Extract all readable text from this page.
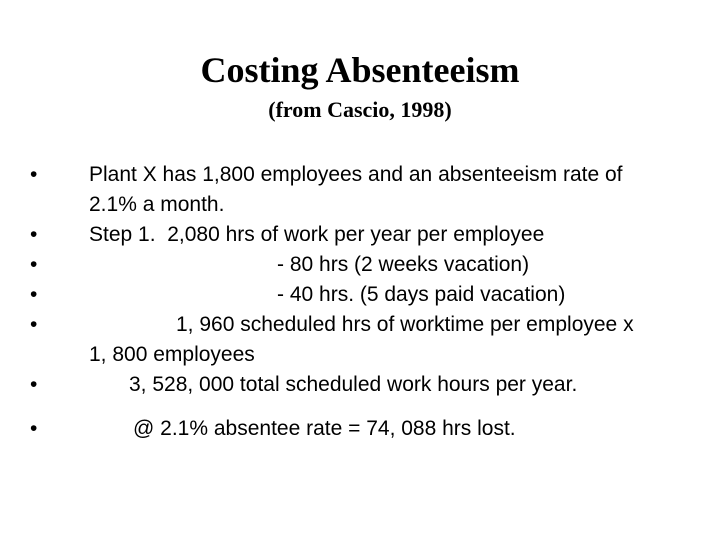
Costing Absenteeism
(from Cascio, 1998)
• Plant X has 1,800 employees and an absenteeism rate of 2.1% a month.
• Step 1.  2,080 hrs of work per year per employee
•	- 80 hrs (2 weeks vacation)
•	- 40 hrs. (5 days paid vacation)
•	1, 960 scheduled hrs of worktime per employee x  1, 800 employees
•	3, 528, 000 total scheduled work hours per year.
•	@ 2.1% absentee rate = 74, 088 hrs lost.
